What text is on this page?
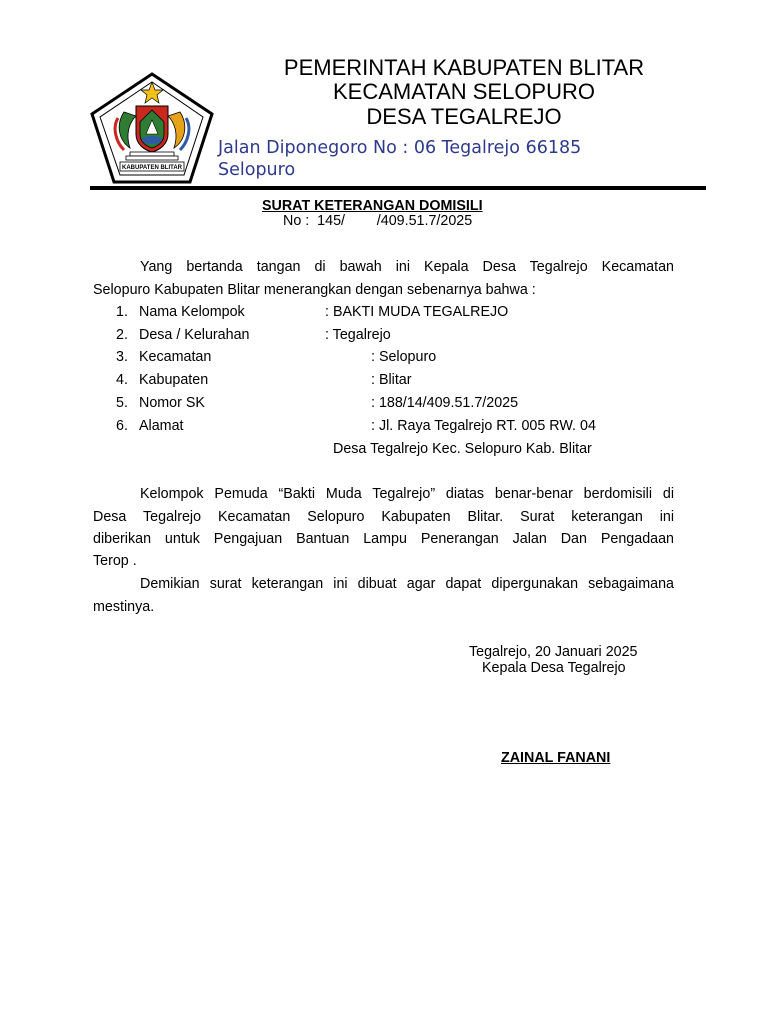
KABUPATEN BLITAR
PEMERINTAH KABUPATEN BLITAR
KECAMATAN SELOPURO
DESA TEGALREJO
Jalan Diponegoro No : 06 Tegalrejo 66185
Selopuro
SURAT KETERANGAN DOMISILI
No :  145/        /409.51.7/2025
Yang bertanda tangan di bawah ini Kepala Desa Tegalrejo Kecamatan
Selopuro Kabupaten Blitar menerangkan dengan sebenarnya bahwa :
1. Nama Kelompok	: BAKTI MUDA TEGALREJO
2. Desa / Kelurahan	: Tegalrejo
3. Kecamatan	: Selopuro
4. Kabupaten	: Blitar
5. Nomor SK	: 188/14/409.51.7/2025
6. Alamat	: Jl. Raya Tegalrejo RT. 005 RW. 04
Desa Tegalrejo Kec. Selopuro Kab. Blitar
Kelompok Pemuda “Bakti Muda Tegalrejo” diatas benar-benar berdomisili di
Desa Tegalrejo Kecamatan Selopuro Kabupaten Blitar. Surat keterangan ini
diberikan untuk Pengajuan Bantuan Lampu Penerangan Jalan Dan Pengadaan
Terop .
Demikian surat keterangan ini dibuat agar dapat dipergunakan sebagaimana
mestinya.
Tegalrejo, 20 Januari 2025
Kepala Desa Tegalrejo
ZAINAL FANANI
